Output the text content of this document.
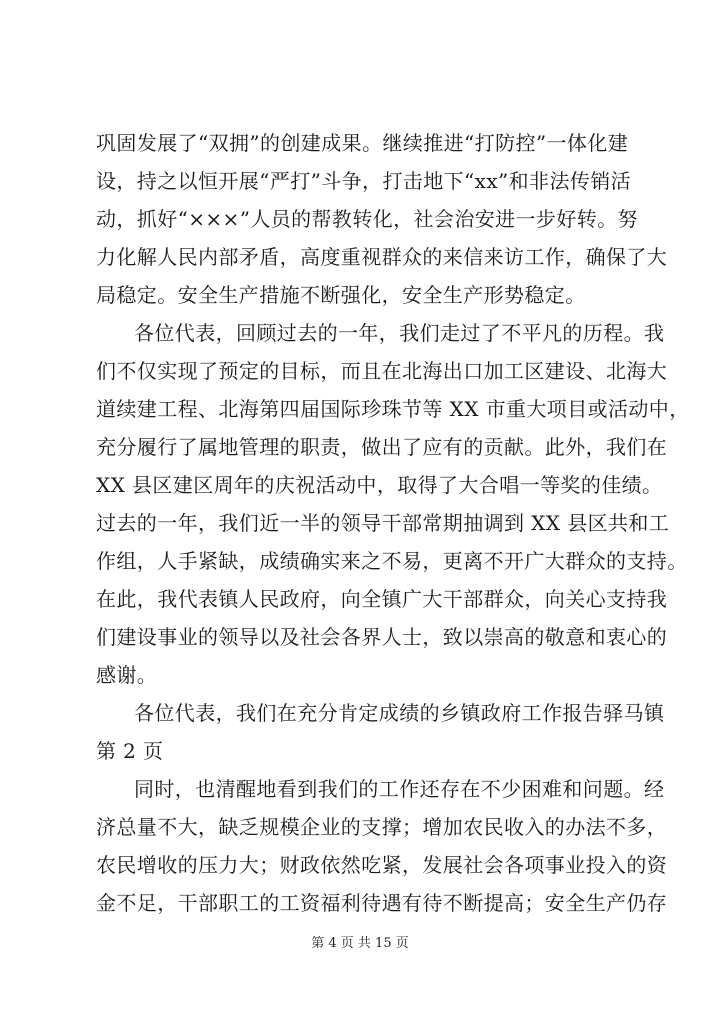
巩固发展了“双拥”的创建成果。继续推进“打防控”一体化建
设，持之以恒开展“严打”斗争，打击地下“xx”和非法传销活
动，抓好“×××”人员的帮教转化，社会治安进一步好转。努
力化解人民内部矛盾，高度重视群众的来信来访工作，确保了大
局稳定。安全生产措施不断强化，安全生产形势稳定。
各位代表，回顾过去的一年，我们走过了不平凡的历程。我
们不仅实现了预定的目标，而且在北海出口加工区建设、北海大
道续建工程、北海第四届国际珍珠节等 XX 市重大项目或活动中，
充分履行了属地管理的职责，做出了应有的贡献。此外，我们在
XX 县区建区周年的庆祝活动中，取得了大合唱一等奖的佳绩。
过去的一年，我们近一半的领导干部常期抽调到 XX 县区共和工
作组，人手紧缺，成绩确实来之不易，更离不开广大群众的支持。
在此，我代表镇人民政府，向全镇广大干部群众，向关心支持我
们建设事业的领导以及社会各界人士，致以崇高的敬意和衷心的
感谢。
各位代表，我们在充分肯定成绩的乡镇政府工作报告驿马镇
第 2 页
同时，也清醒地看到我们的工作还存在不少困难和问题。经
济总量不大，缺乏规模企业的支撑；增加农民收入的办法不多，
农民增收的压力大；财政依然吃紧，发展社会各项事业投入的资
金不足，干部职工的工资福利待遇有待不断提高；安全生产仍存
第 4 页 共 15 页
